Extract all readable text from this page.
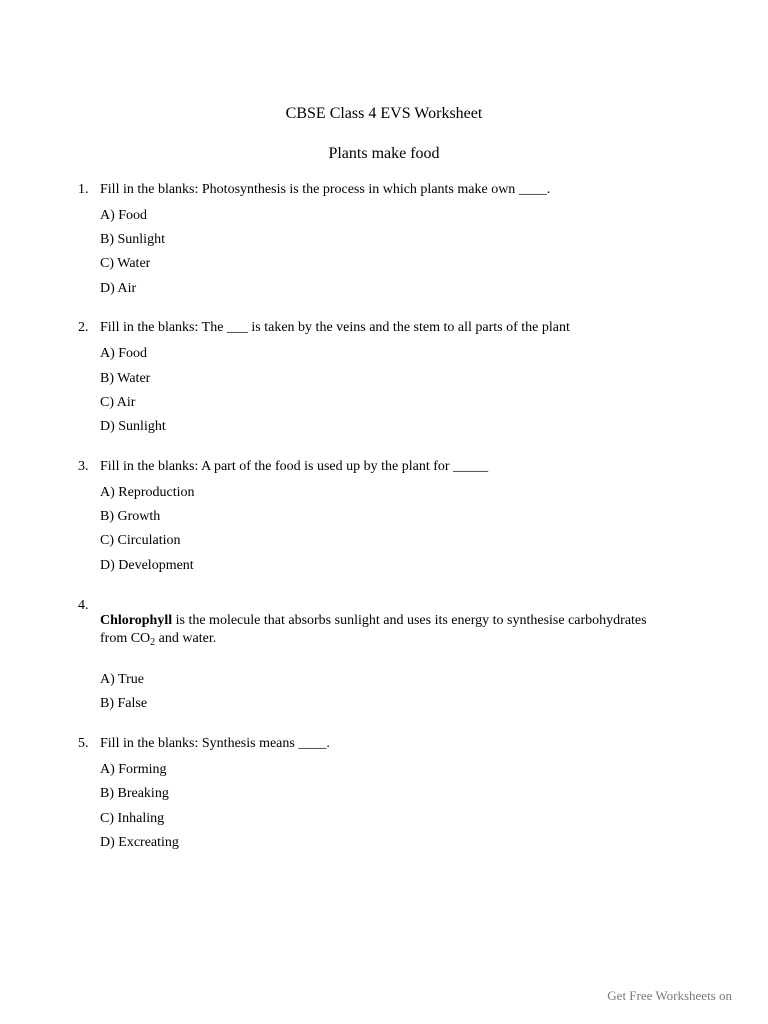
CBSE Class 4 EVS Worksheet
Plants make food
1. Fill in the blanks: Photosynthesis is the process in which plants make own ____.
A) Food
B) Sunlight
C) Water
D) Air
2. Fill in the blanks: The ___ is taken by the veins and the stem to all parts of the plant
A) Food
B) Water
C) Air
D) Sunlight
3. Fill in the blanks: A part of the food is used up by the plant for _____
A) Reproduction
B) Growth
C) Circulation
D) Development
4.
Chlorophyll is the molecule that absorbs sunlight and uses its energy to synthesise carbohydrates from $CO_2$ and water.
A) True
B) False
5. Fill in the blanks: Synthesis means ____.
A) Forming
B) Breaking
C) Inhaling
D) Excreating
Get Free Worksheets on
